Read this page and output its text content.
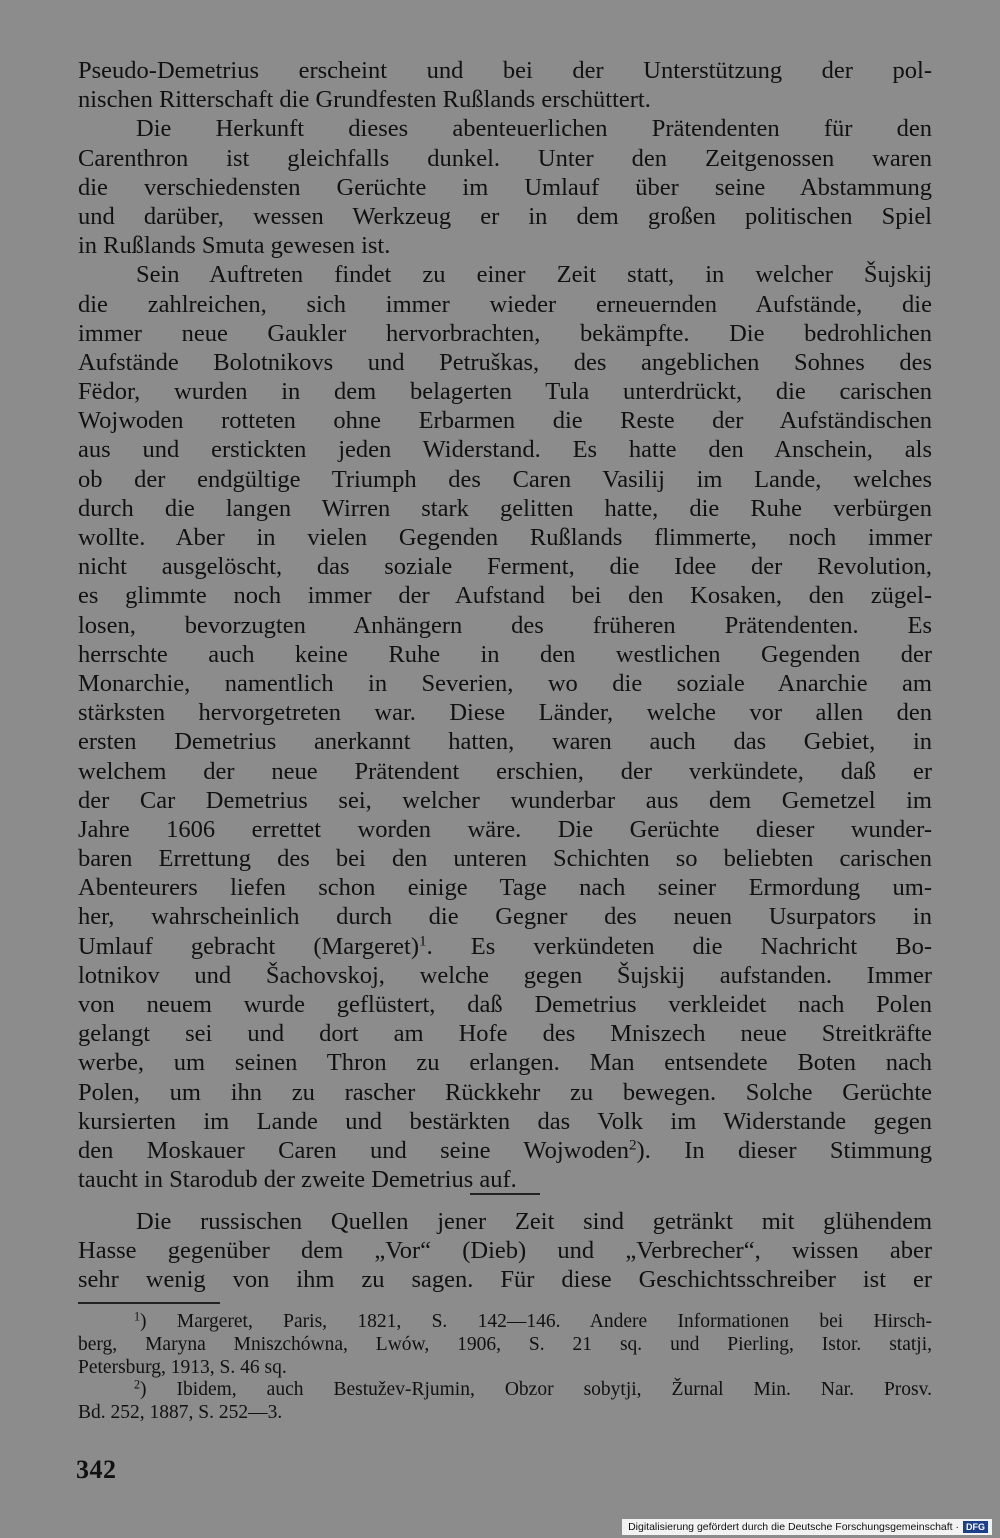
Pseudo-Demetrius erscheint und bei der Unterstützung der pol-
nischen Ritterschaft die Grundfesten Rußlands erschüttert.
Die Herkunft dieses abenteuerlichen Prätendenten für den
Carenthron ist gleichfalls dunkel. Unter den Zeitgenossen waren
die verschiedensten Gerüchte im Umlauf über seine Abstammung
und darüber, wessen Werkzeug er in dem großen politischen Spiel
in Rußlands Smuta gewesen ist.
Sein Auftreten findet zu einer Zeit statt, in welcher Šujskij
die zahlreichen, sich immer wieder erneuernden Aufstände, die
immer neue Gaukler hervorbrachten, bekämpfte. Die bedrohlichen
Aufstände Bolotnikovs und Petruškas, des angeblichen Sohnes des
Fëdor, wurden in dem belagerten Tula unterdrückt, die carischen
Wojwoden rotteten ohne Erbarmen die Reste der Aufständischen
aus und erstickten jeden Widerstand. Es hatte den Anschein, als
ob der endgültige Triumph des Caren Vasilij im Lande, welches
durch die langen Wirren stark gelitten hatte, die Ruhe verbürgen
wollte. Aber in vielen Gegenden Rußlands flimmerte, noch immer
nicht ausgelöscht, das soziale Ferment, die Idee der Revolution,
es glimmte noch immer der Aufstand bei den Kosaken, den zügel-
losen, bevorzugten Anhängern des früheren Prätendenten. Es
herrschte auch keine Ruhe in den westlichen Gegenden der
Monarchie, namentlich in Severien, wo die soziale Anarchie am
stärksten hervorgetreten war. Diese Länder, welche vor allen den
ersten Demetrius anerkannt hatten, waren auch das Gebiet, in
welchem der neue Prätendent erschien, der verkündete, daß er
der Car Demetrius sei, welcher wunderbar aus dem Gemetzel im
Jahre 1606 errettet worden wäre. Die Gerüchte dieser wunder-
baren Errettung des bei den unteren Schichten so beliebten carischen
Abenteurers liefen schon einige Tage nach seiner Ermordung um-
her, wahrscheinlich durch die Gegner des neuen Usurpators in
Umlauf gebracht (Margeret)$^1$. Es verkündeten die Nachricht Bo-
lotnikov und Šachovskoj, welche gegen Šujskij aufstanden. Immer
von neuem wurde geflüstert, daß Demetrius verkleidet nach Polen
gelangt sei und dort am Hofe des Mniszech neue Streitkräfte
werbe, um seinen Thron zu erlangen. Man entsendete Boten nach
Polen, um ihn zu rascher Rückkehr zu bewegen. Solche Gerüchte
kursierten im Lande und bestärkten das Volk im Widerstande gegen
den Moskauer Caren und seine Wojwoden$^2$). In dieser Stimmung
taucht in Starodub der zweite Demetrius auf.
Die russischen Quellen jener Zeit sind getränkt mit glühendem
Hasse gegenüber dem „Vor“ (Dieb) und „Verbrecher“, wissen aber
sehr wenig von ihm zu sagen. Für diese Geschichtsschreiber ist er
$^1$) Margeret, Paris, 1821, S. 142—146. Andere Informationen bei Hirsch-
berg, Maryna Mniszchówna, Lwów, 1906, S. 21 sq. und Pierling, Istor. statji,
Petersburg, 1913, S. 46 sq.
$^2$) Ibidem, auch Bestužev-Rjumin, Obzor sobytji, Žurnal Min. Nar. Prosv.
Bd. 252, 1887, S. 252—3.
342
Digitalisierung gefördert durch die Deutsche Forschungsgemeinschaft · DFG
